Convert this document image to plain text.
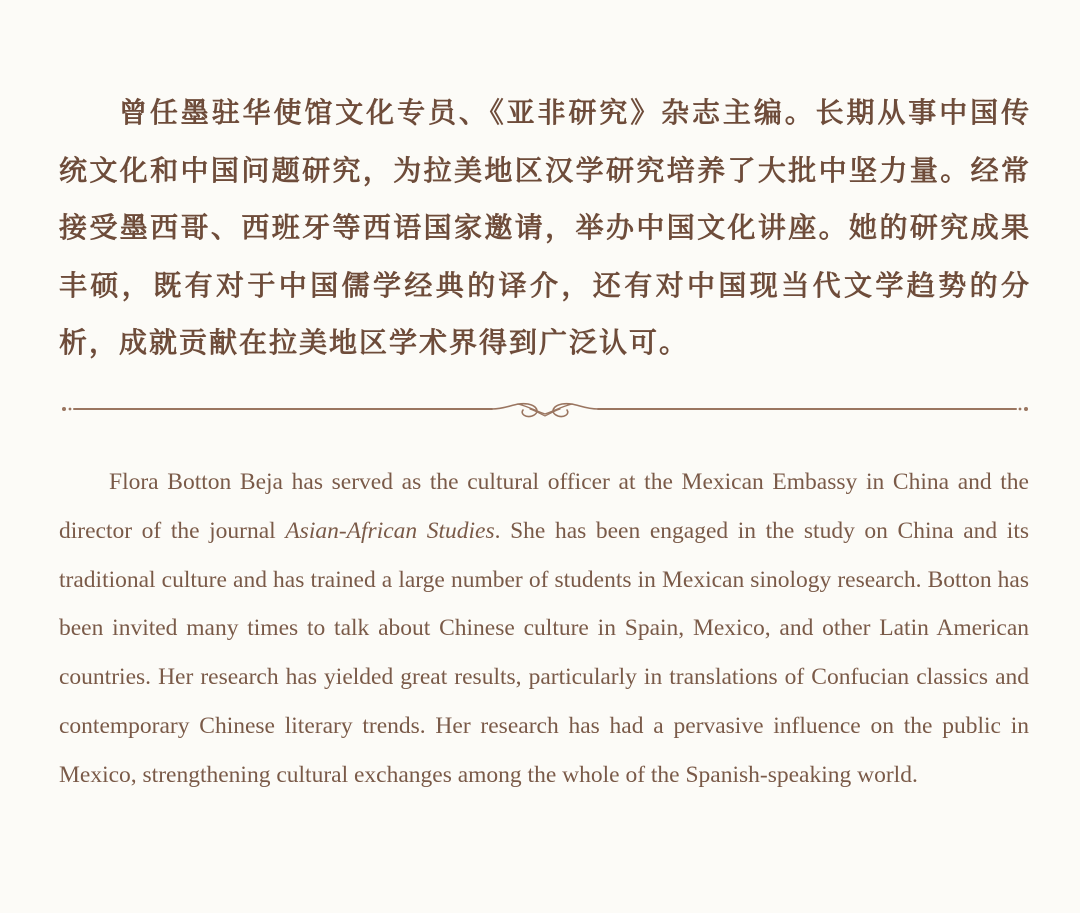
曾任墨驻华使馆文化专员、《亚非研究》杂志主编。长期从事中国传统文化和中国问题研究，为拉美地区汉学研究培养了大批中坚力量。经常接受墨西哥、西班牙等西语国家邀请，举办中国文化讲座。她的研究成果丰硕，既有对于中国儒学经典的译介，还有对中国现当代文学趋势的分析，成就贡献在拉美地区学术界得到广泛认可。

Flora Botton Beja has served as the cultural officer at the Mexican Embassy in China and the director of the journal Asian-African Studies. She has been engaged in the study on China and its traditional culture and has trained a large number of students in Mexican sinology research. Botton has been invited many times to talk about Chinese culture in Spain, Mexico, and other Latin American countries. Her research has yielded great results, particularly in translations of Confucian classics and contemporary Chinese literary trends. Her research has had a pervasive influence on the public in Mexico, strengthening cultural exchanges among the whole of the Spanish-speaking world.
